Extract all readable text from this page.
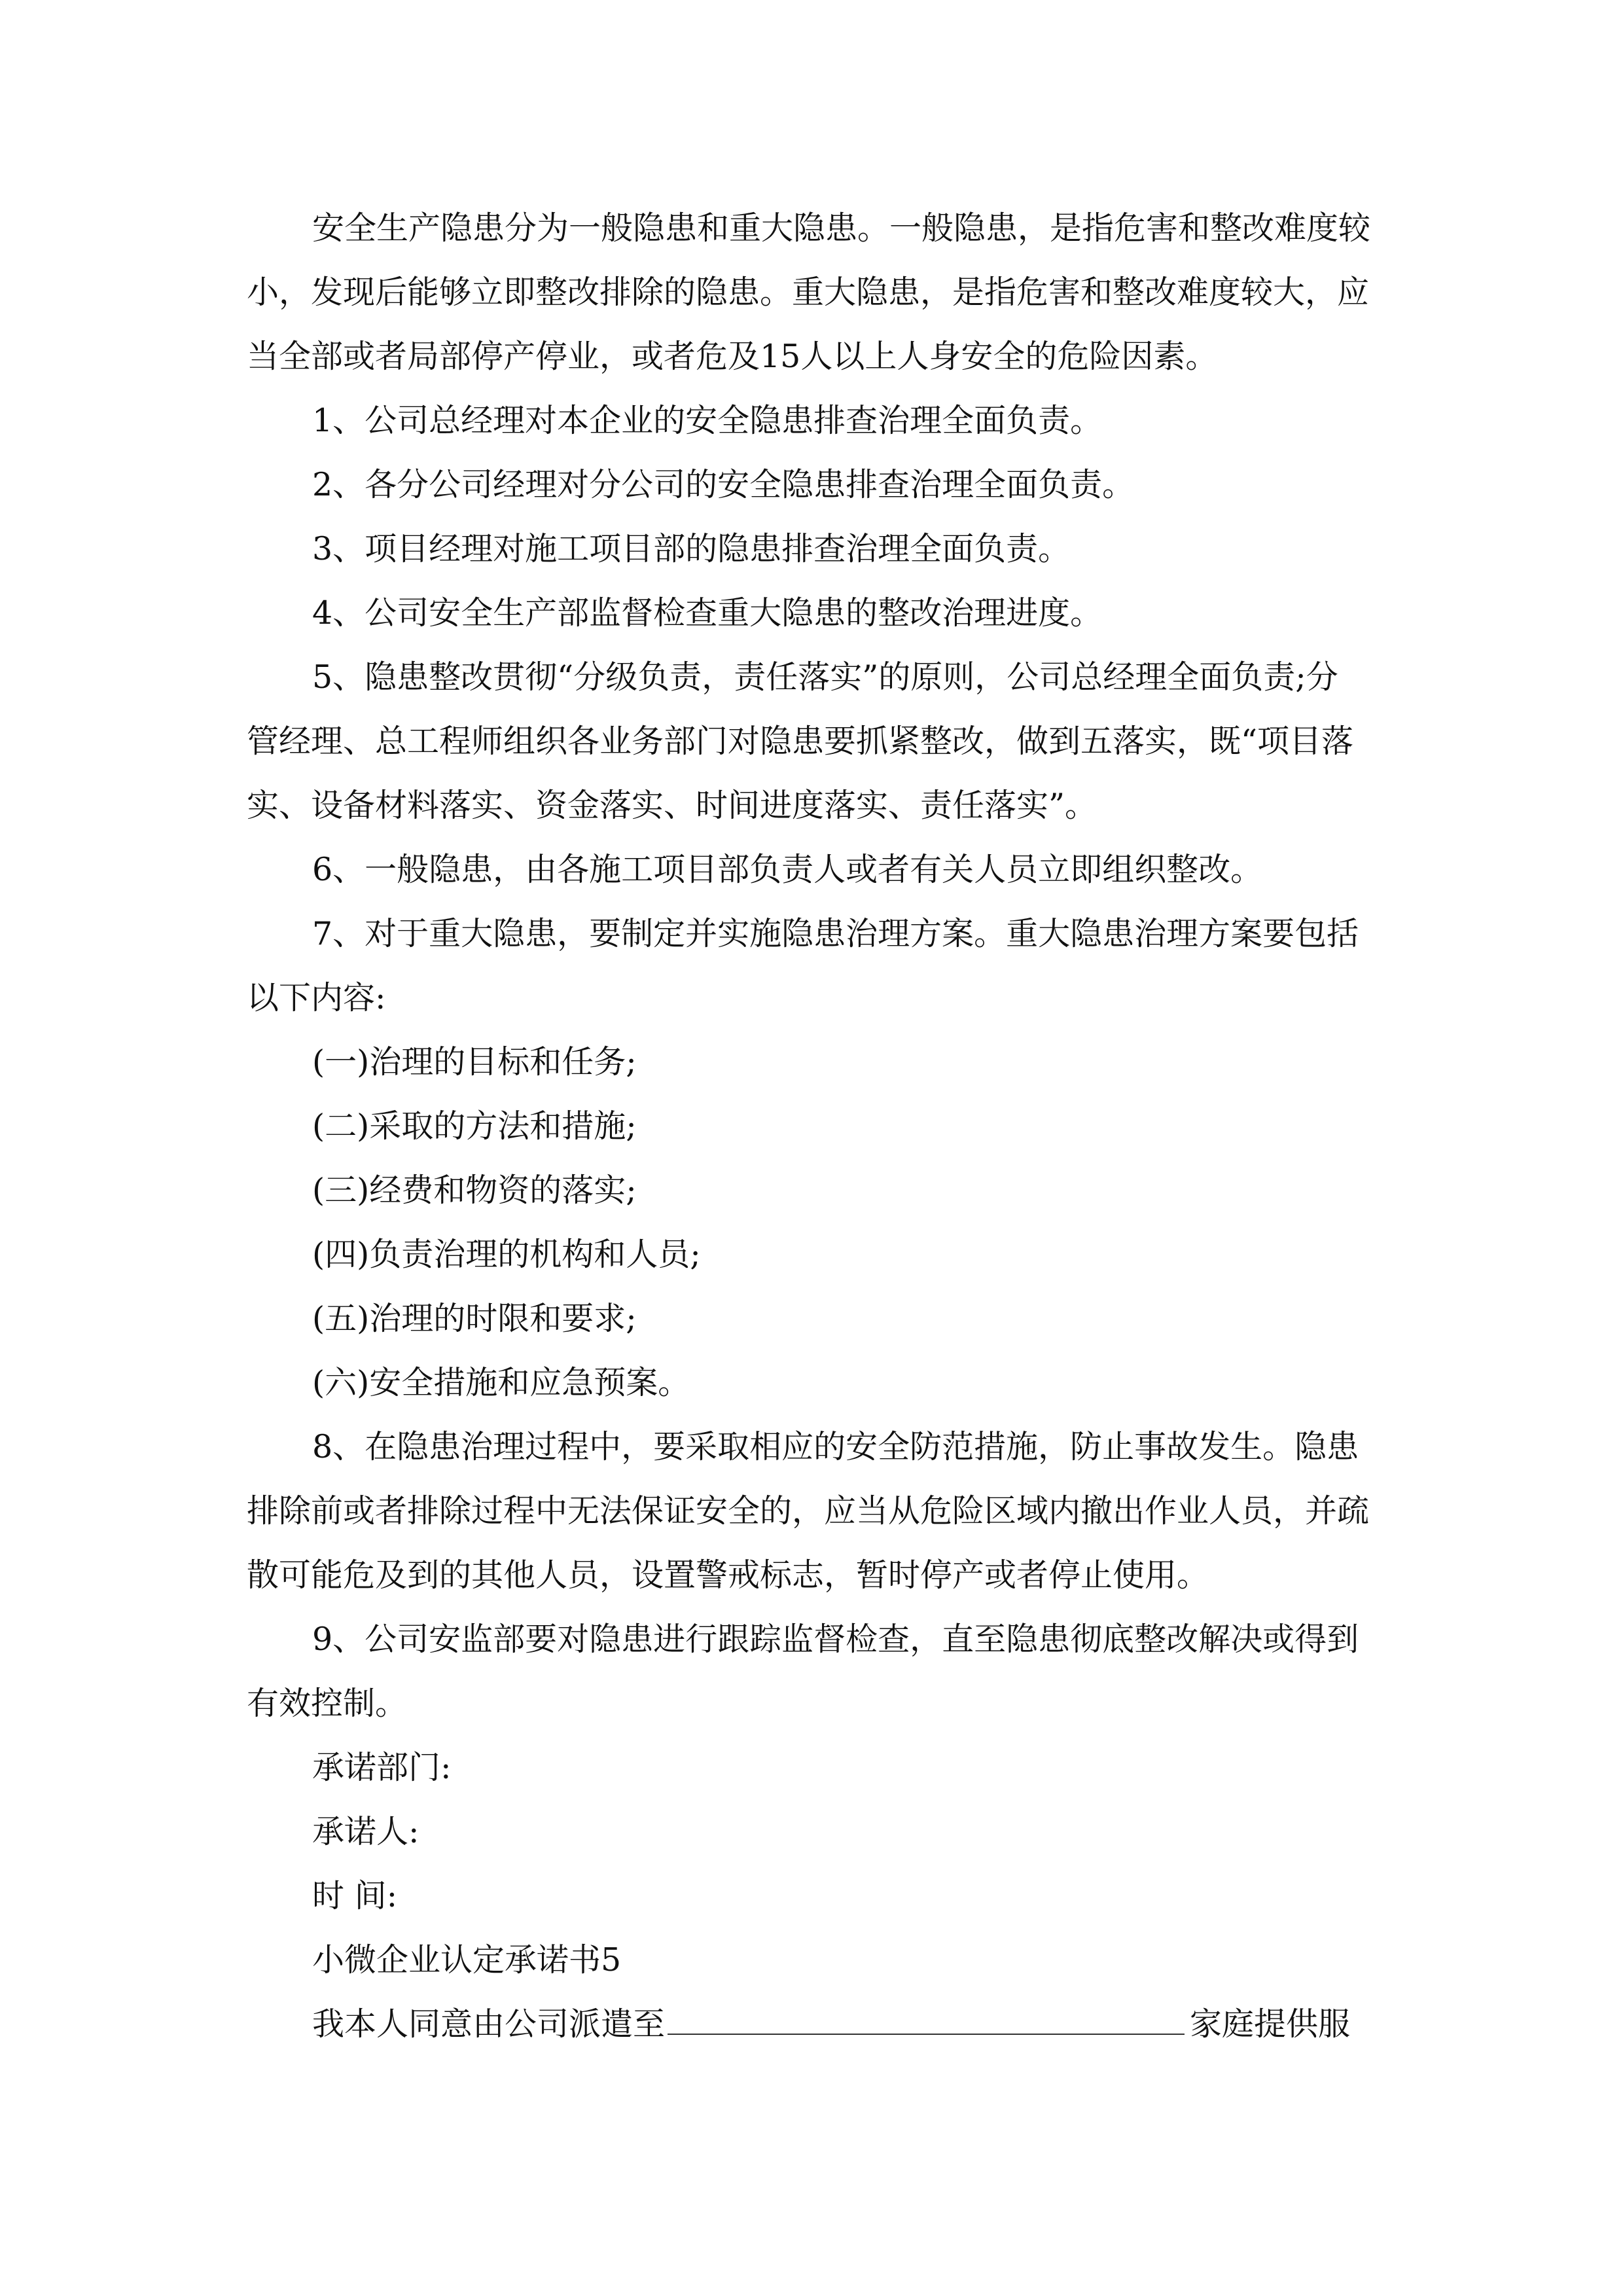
安全生产隐患分为一般隐患和重大隐患。一般隐患，是指危害和整改难度较
小，发现后能够立即整改排除的隐患。重大隐患，是指危害和整改难度较大，应
当全部或者局部停产停业，或者危及15人以上人身安全的危险因素。
1、公司总经理对本企业的安全隐患排查治理全面负责。
2、各分公司经理对分公司的安全隐患排查治理全面负责。
3、项目经理对施工项目部的隐患排查治理全面负责。
4、公司安全生产部监督检查重大隐患的整改治理进度。
5、隐患整改贯彻“分级负责，责任落实”的原则，公司总经理全面负责;分
管经理、总工程师组织各业务部门对隐患要抓紧整改，做到五落实，既“项目落
实、设备材料落实、资金落实、时间进度落实、责任落实”。
6、一般隐患，由各施工项目部负责人或者有关人员立即组织整改。
7、对于重大隐患，要制定并实施隐患治理方案。重大隐患治理方案要包括
以下内容:
(一)治理的目标和任务;
(二)采取的方法和措施;
(三)经费和物资的落实;
(四)负责治理的机构和人员;
(五)治理的时限和要求;
(六)安全措施和应急预案。
8、在隐患治理过程中，要采取相应的安全防范措施，防止事故发生。隐患
排除前或者排除过程中无法保证安全的，应当从危险区域内撤出作业人员，并疏
散可能危及到的其他人员，设置警戒标志，暂时停产或者停止使用。
9、公司安监部要对隐患进行跟踪监督检查，直至隐患彻底整改解决或得到
有效控制。
承诺部门:
承诺人:
时 间:
小微企业认定承诺书5
我本人同意由公司派遣至	家庭提供服
